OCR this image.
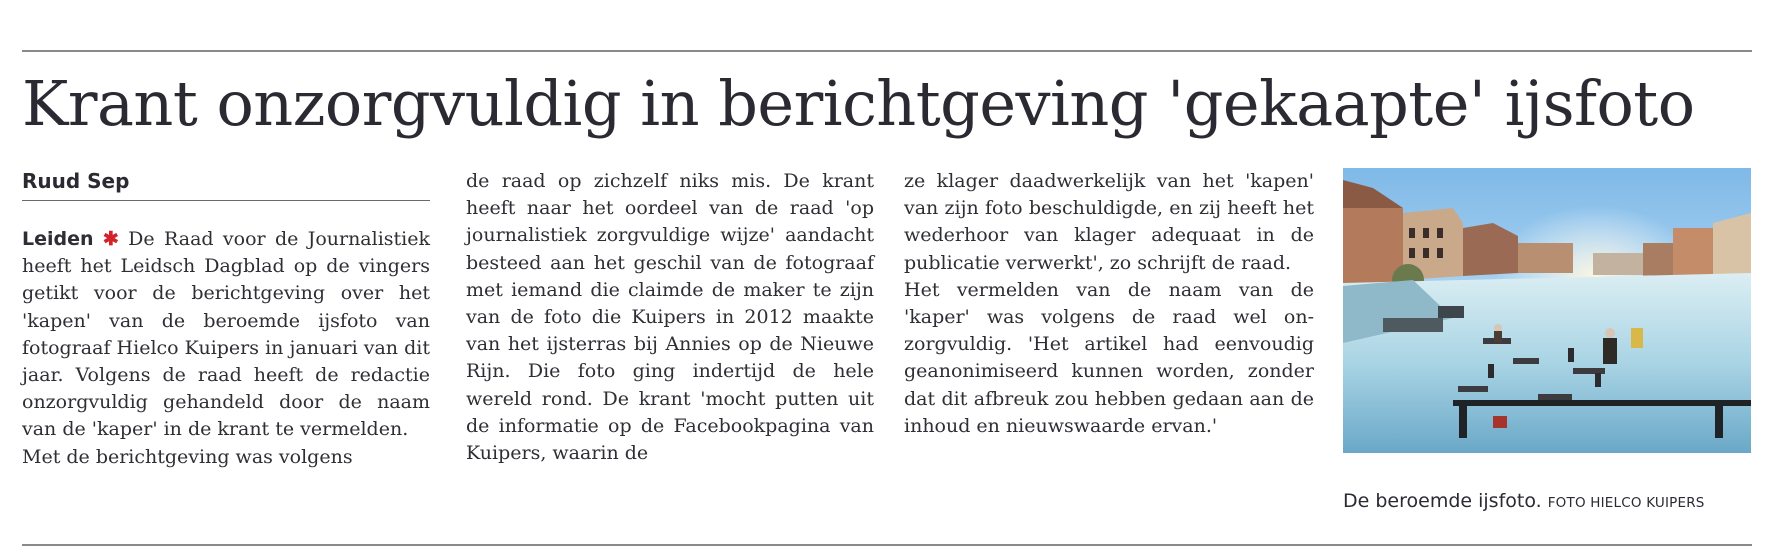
Krant onzorgvuldig in berichtgeving 'gekaapte' ijsfoto
Ruud Sep

Leiden ✱ De Raad voor de Journalistiek heeft het Leidsch Dagblad op de vingers getikt voor de berichtgeving over het 'kapen' van de beroemde ijsfoto van fotograaf Hielco Kuipers in januari van dit jaar. Volgens de raad heeft de redactie onzorgvuldig gehandeld door de naam van de 'kaper' in de krant te vermelden.

Met de berichtgeving was volgens

de raad op zichzelf niks mis. De krant heeft naar het oordeel van de raad 'op journalistiek zorgvuldige wijze' aandacht besteed aan het geschil van de fotograaf met iemand die claimde de maker te zijn van de foto die Kuipers in 2012 maakte van het ijsterras bij Annies op de Nieuwe Rijn. Die foto ging indertijd de hele wereld rond. De krant 'mocht putten uit de informatie op de Facebookpagina van Kuipers, waarin de

ze klager daadwerkelijk van het 'kapen' van zijn foto beschuldigde, en zij heeft het wederhoor van klager adequaat in de publicatie verwerkt', zo schrijft de raad.

Het vermelden van de naam van de 'kaper' was volgens de raad wel onzorgvuldig. 'Het artikel had eenvoudig geanonimiseerd kunnen worden, zonder dat dit afbreuk zou hebben gedaan aan de inhoud en nieuwswaarde ervan.'

De beroemde ijsfoto. FOTO HIELCO KUIPERS
